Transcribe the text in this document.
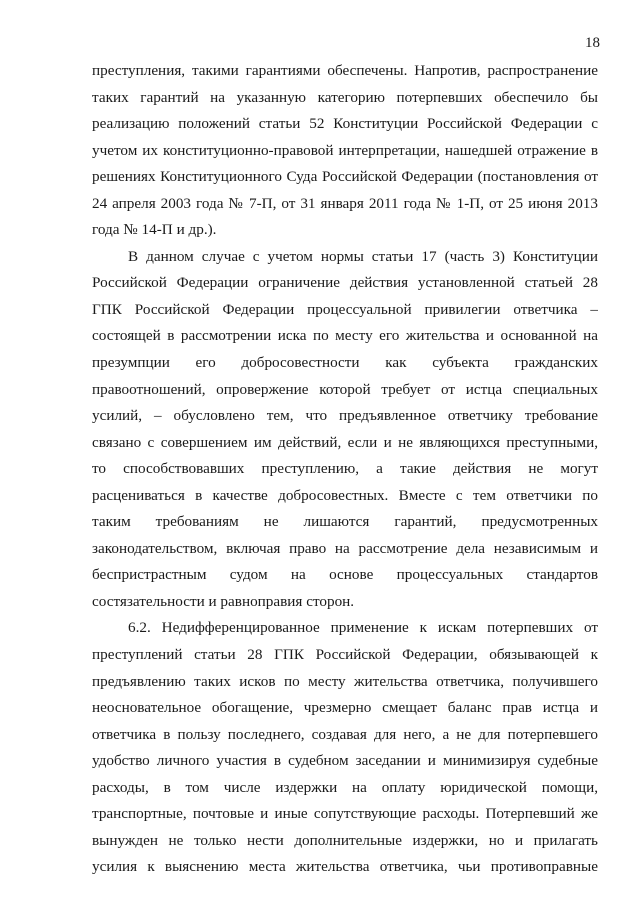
18
преступления, такими гарантиями обеспечены. Напротив, распространение
таких гарантий на указанную категорию потерпевших обеспечило бы
реализацию положений статьи 52 Конституции Российской Федерации с
учетом их конституционно-правовой интерпретации, нашедшей отражение в
решениях Конституционного Суда Российской Федерации (постановления от
24 апреля 2003 года № 7-П, от 31 января 2011 года № 1-П, от 25 июня 2013
года № 14-П и др.).
В данном случае с учетом нормы статьи 17 (часть 3) Конституции
Российской Федерации ограничение действия установленной статьей 28
ГПК Российской Федерации процессуальной привилегии ответчика –
состоящей в рассмотрении иска по месту его жительства и основанной на
презумпции его добросовестности как субъекта гражданских
правоотношений, опровержение которой требует от истца специальных
усилий, – обусловлено тем, что предъявленное ответчику требование
связано с совершением им действий, если и не являющихся преступными,
то способствовавших преступлению, а такие действия не могут
расцениваться в качестве добросовестных. Вместе с тем ответчики по
таким требованиям не лишаются гарантий, предусмотренных
законодательством, включая право на рассмотрение дела независимым и
беспристрастным судом на основе процессуальных стандартов
состязательности и равноправия сторон.
6.2. Недифференцированное применение к искам потерпевших от
преступлений статьи 28 ГПК Российской Федерации, обязывающей к
предъявлению таких исков по месту жительства ответчика, получившего
неосновательное обогащение, чрезмерно смещает баланс прав истца и
ответчика в пользу последнего, создавая для него, а не для потерпевшего
удобство личного участия в судебном заседании и минимизируя судебные
расходы, в том числе издержки на оплату юридической помощи,
транспортные, почтовые и иные сопутствующие расходы. Потерпевший же
вынужден не только нести дополнительные издержки, но и прилагать
усилия к выяснению места жительства ответчика, чьи противоправные
